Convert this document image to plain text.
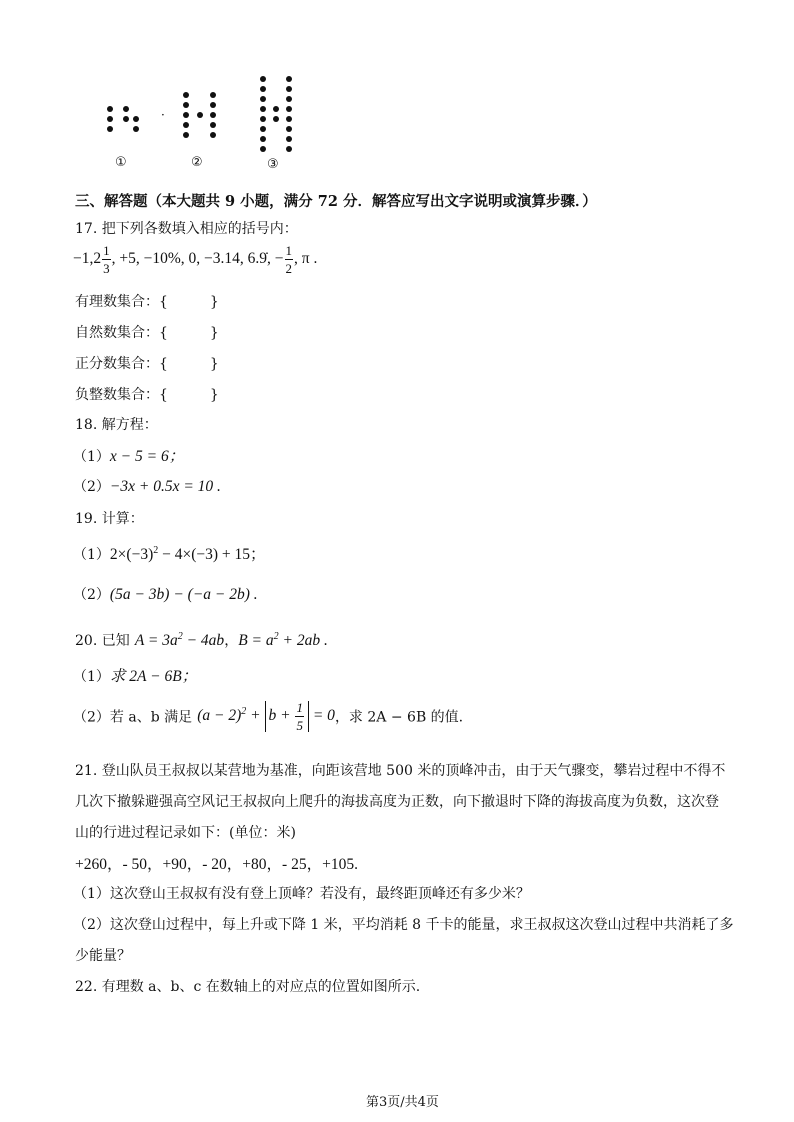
·
①	②	③
三、解答题（本大题共 9 小题，满分 72 分．解答应写出文字说明或演算步骤．）
17. 把下列各数填入相应的括号内：
$-1,2 \frac{1}{3}$ , +5, −10%, 0, −3.14, 6.9̇, − $\frac{1}{2}$ , π .
有理数集合：{　　　}
自然数集合：{　　　}
正分数集合：{　　　}
负整数集合：{　　　}
18. 解方程：
（1）x − 5 = 6；
（2）−3x + 0.5x = 10 .
19. 计算：
$(1)2\times(-3)^2 - 4\times(-3) + 15$；
（2）(5a − 3b) − (−a − 2b) .
20. 已知 $A = 3a^2 - 4ab$，$B = a^2 + 2ab$ .
（1）求 2A − 6B；
（2）若 a、b 满足 $(a - 2)^2 + b + \frac{1}{5} = 0$，求 2A − 6B 的值.
21. 登山队员王叔叔以某营地为基准，向距该营地 500 米的顶峰冲击，由于天气骤变，攀岩过程中不得不
几次下撤躲避强高空风记王叔叔向上爬升的海拔高度为正数，向下撤退时下降的海拔高度为负数，这次登
山的行进过程记录如下：(单位：米)
+260，- 50，+90，- 20，+80，- 25，+105.
（1）这次登山王叔叔有没有登上顶峰？若没有，最终距顶峰还有多少米？
（2）这次登山过程中，每上升或下降 1 米，平均消耗 8 千卡的能量，求王叔叔这次登山过程中共消耗了多
少能量？
22. 有理数 a、b、c 在数轴上的对应点的位置如图所示.
第3页/共4页
